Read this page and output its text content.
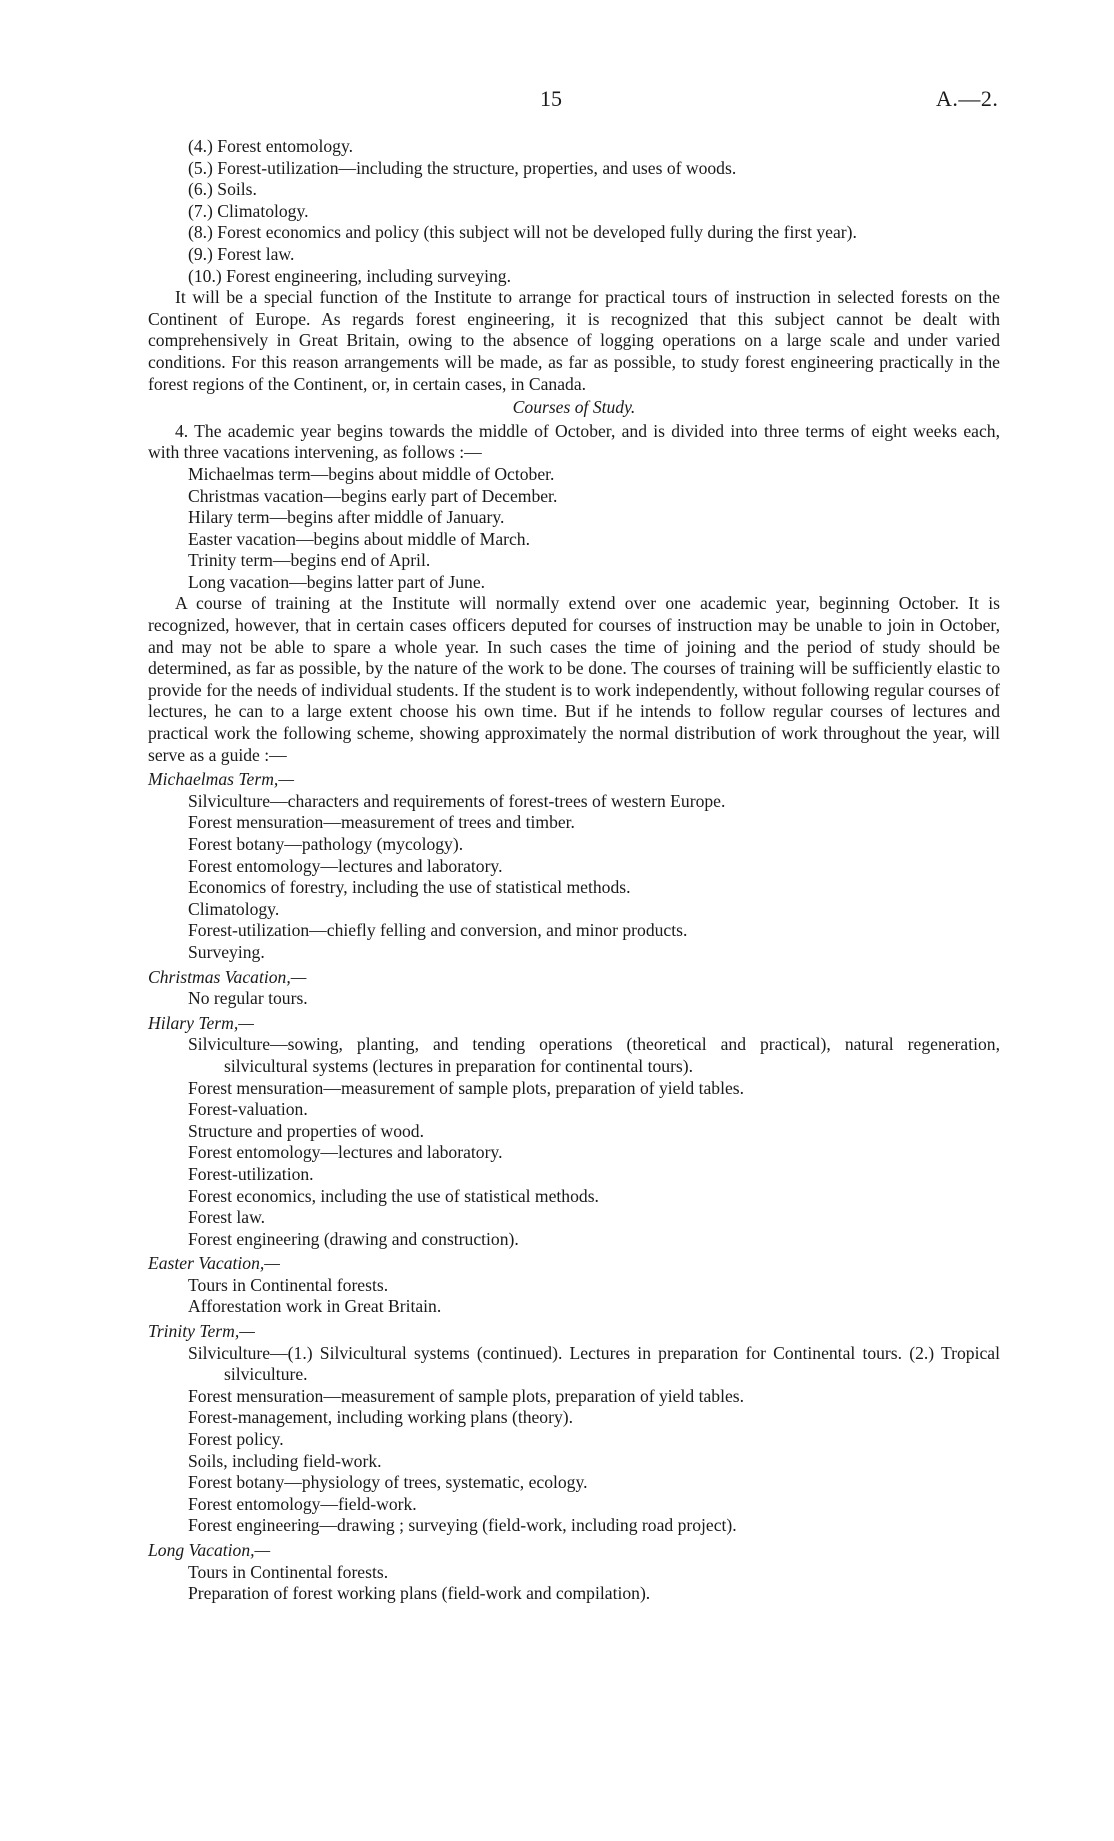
15	A.—2.
(4.) Forest entomology.
(5.) Forest-utilization—including the structure, properties, and uses of woods.
(6.) Soils.
(7.) Climatology.
(8.) Forest economics and policy (this subject will not be developed fully during the first year).
(9.) Forest law.
(10.) Forest engineering, including surveying.

It will be a special function of the Institute to arrange for practical tours of instruction in selected forests on the Continent of Europe. As regards forest engineering, it is recognized that this subject cannot be dealt with comprehensively in Great Britain, owing to the absence of logging operations on a large scale and under varied conditions. For this reason arrangements will be made, as far as possible, to study forest engineering practically in the forest regions of the Continent, or, in certain cases, in Canada.

Courses of Study.

4. The academic year begins towards the middle of October, and is divided into three terms of eight weeks each, with three vacations intervening, as follows :—

Michaelmas term—begins about middle of October.
Christmas vacation—begins early part of December.
Hilary term—begins after middle of January.
Easter vacation—begins about middle of March.
Trinity term—begins end of April.
Long vacation—begins latter part of June.

A course of training at the Institute will normally extend over one academic year, beginning October. It is recognized, however, that in certain cases officers deputed for courses of instruction may be unable to join in October, and may not be able to spare a whole year. In such cases the time of joining and the period of study should be determined, as far as possible, by the nature of the work to be done. The courses of training will be sufficiently elastic to provide for the needs of individual students. If the student is to work independently, without following regular courses of lectures, he can to a large extent choose his own time. But if he intends to follow regular courses of lectures and practical work the following scheme, showing approximately the normal distribution of work throughout the year, will serve as a guide :—

Michaelmas Term,—
Silviculture—characters and requirements of forest-trees of western Europe.
Forest mensuration—measurement of trees and timber.
Forest botany—pathology (mycology).
Forest entomology—lectures and laboratory.
Economics of forestry, including the use of statistical methods.
Climatology.
Forest-utilization—chiefly felling and conversion, and minor products.
Surveying.
Christmas Vacation,—
No regular tours.
Hilary Term,—
Silviculture—sowing, planting, and tending operations (theoretical and practical), natural regeneration, silvicultural systems (lectures in preparation for continental tours).
Forest mensuration—measurement of sample plots, preparation of yield tables.
Forest-valuation.
Structure and properties of wood.
Forest entomology—lectures and laboratory.
Forest-utilization.
Forest economics, including the use of statistical methods.
Forest law.
Forest engineering (drawing and construction).
Easter Vacation,—
Tours in Continental forests.
Afforestation work in Great Britain.
Trinity Term,—
Silviculture—(1.) Silvicultural systems (continued). Lectures in preparation for Continental tours. (2.) Tropical silviculture.
Forest mensuration—measurement of sample plots, preparation of yield tables.
Forest-management, including working plans (theory).
Forest policy.
Soils, including field-work.
Forest botany—physiology of trees, systematic, ecology.
Forest entomology—field-work.
Forest engineering—drawing ; surveying (field-work, including road project).
Long Vacation,—
Tours in Continental forests.
Preparation of forest working plans (field-work and compilation).
